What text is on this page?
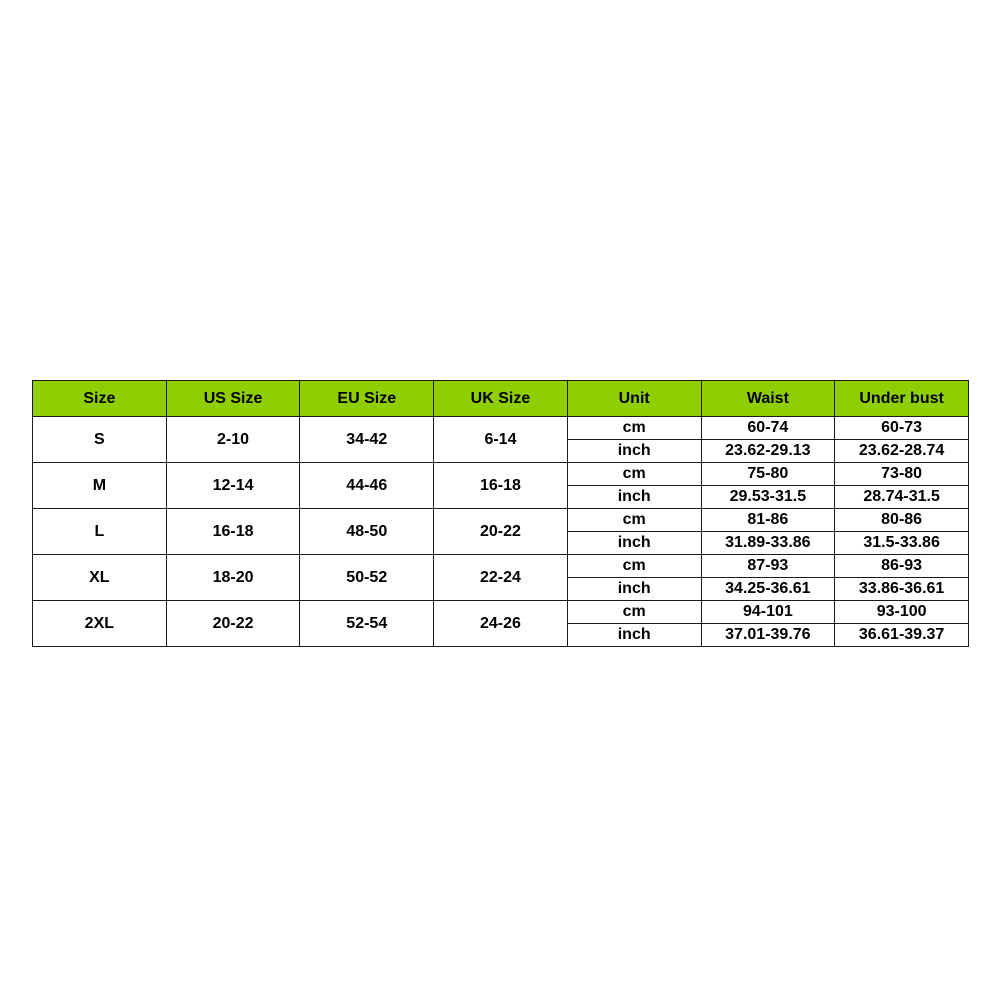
Size	US Size	EU Size	UK Size	Unit	Waist	Under bust
S	2-10	34-42	6-14	cm	60-74	60-73
				inch	23.62-29.13	23.62-28.74
M	12-14	44-46	16-18	cm	75-80	73-80
				inch	29.53-31.5	28.74-31.5
L	16-18	48-50	20-22	cm	81-86	80-86
				inch	31.89-33.86	31.5-33.86
XL	18-20	50-52	22-24	cm	87-93	86-93
				inch	34.25-36.61	33.86-36.61
2XL	20-22	52-54	24-26	cm	94-101	93-100
				inch	37.01-39.76	36.61-39.37
